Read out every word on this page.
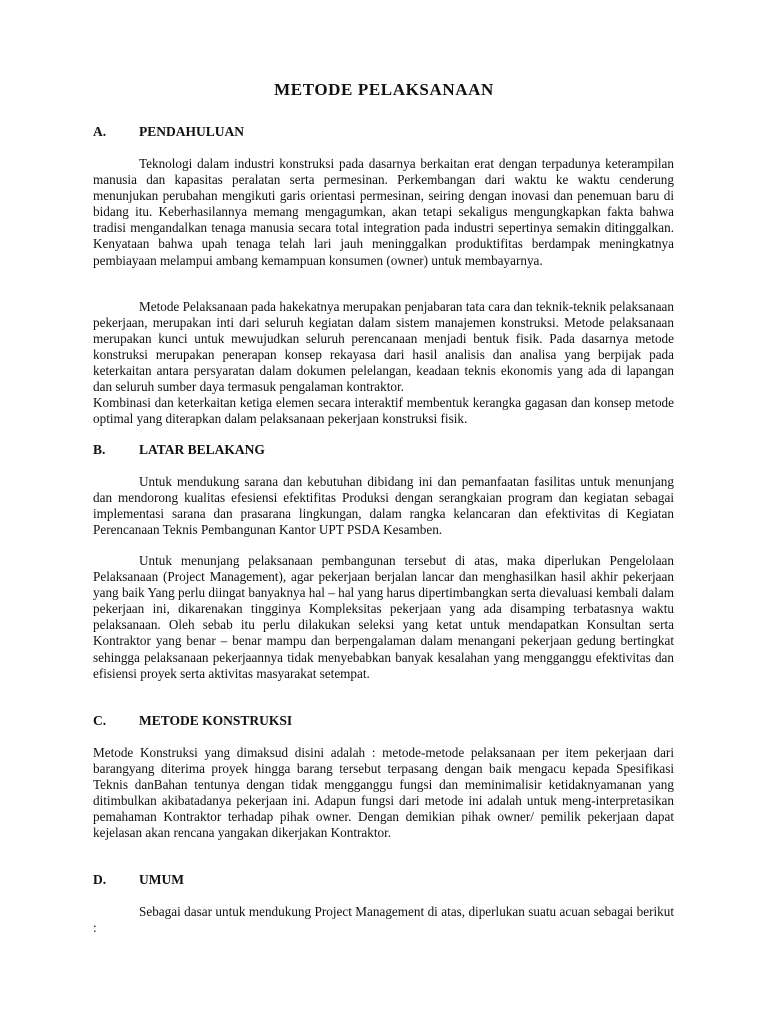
METODE PELAKSANAAN
A. PENDAHULUAN

Teknologi dalam industri konstruksi pada dasarnya berkaitan erat dengan terpadunya keterampilan manusia dan kapasitas peralatan serta permesinan. Perkembangan dari waktu ke waktu cenderung menunjukan perubahan mengikuti garis orientasi permesinan, seiring dengan inovasi dan penemuan baru di bidang itu. Keberhasilannya memang mengagumkan, akan tetapi sekaligus mengungkapkan fakta bahwa tradisi mengandalkan tenaga manusia secara total integration pada industri sepertinya semakin ditinggalkan. Kenyataan bahwa upah tenaga telah lari jauh meninggalkan produktifitas berdampak meningkatnya pembiayaan melampui ambang kemampuan konsumen (owner) untuk membayarnya.

Metode Pelaksanaan pada hakekatnya merupakan penjabaran tata cara dan teknik-teknik pelaksanaan pekerjaan, merupakan inti dari seluruh kegiatan dalam sistem manajemen konstruksi. Metode pelaksanaan merupakan kunci untuk mewujudkan seluruh perencanaan menjadi bentuk fisik. Pada dasarnya metode konstruksi merupakan penerapan konsep rekayasa dari hasil analisis dan analisa yang berpijak pada keterkaitan antara persyaratan dalam dokumen pelelangan, keadaan teknis ekonomis yang ada di lapangan dan seluruh sumber daya termasuk pengalaman kontraktor.

Kombinasi dan keterkaitan ketiga elemen secara interaktif membentuk kerangka gagasan dan konsep metode optimal yang diterapkan dalam pelaksanaan pekerjaan konstruksi fisik.

B. LATAR BELAKANG

Untuk mendukung sarana dan kebutuhan dibidang ini dan pemanfaatan fasilitas untuk menunjang dan mendorong kualitas efesiensi efektifitas Produksi dengan serangkaian program dan kegiatan sebagai implementasi sarana dan prasarana lingkungan, dalam rangka kelancaran dan efektivitas di Kegiatan Perencanaan Teknis Pembangunan Kantor UPT PSDA Kesamben.

Untuk menunjang pelaksanaan pembangunan tersebut di atas, maka diperlukan Pengelolaan Pelaksanaan (Project Management), agar pekerjaan berjalan lancar dan menghasilkan hasil akhir pekerjaan yang baik Yang perlu diingat banyaknya hal – hal yang harus dipertimbangkan serta dievaluasi kembali dalam pekerjaan ini, dikarenakan tingginya Kompleksitas pekerjaan yang ada disamping terbatasnya waktu pelaksanaan. Oleh sebab itu perlu dilakukan seleksi yang ketat untuk mendapatkan Konsultan serta Kontraktor yang benar – benar mampu dan berpengalaman dalam menangani pekerjaan gedung bertingkat sehingga pelaksanaan pekerjaannya tidak menyebabkan banyak kesalahan yang mengganggu efektivitas dan efisiensi proyek serta aktivitas masyarakat setempat.

C. METODE KONSTRUKSI

Metode Konstruksi yang dimaksud disini adalah : metode-metode pelaksanaan per item pekerjaan dari barangyang diterima proyek hingga barang tersebut terpasang dengan baik mengacu kepada Spesifikasi Teknis danBahan tentunya dengan tidak mengganggu fungsi dan meminimalisir ketidaknyamanan yang ditimbulkan akibatadanya pekerjaan ini. Adapun fungsi dari metode ini adalah untuk meng-interpretasikan pemahaman Kontraktor terhadap pihak owner. Dengan demikian pihak owner/ pemilik pekerjaan dapat kejelasan akan rencana yangakan dikerjakan Kontraktor.

D. UMUM

Sebagai dasar untuk mendukung Project Management di atas, diperlukan suatu acuan sebagai berikut :
